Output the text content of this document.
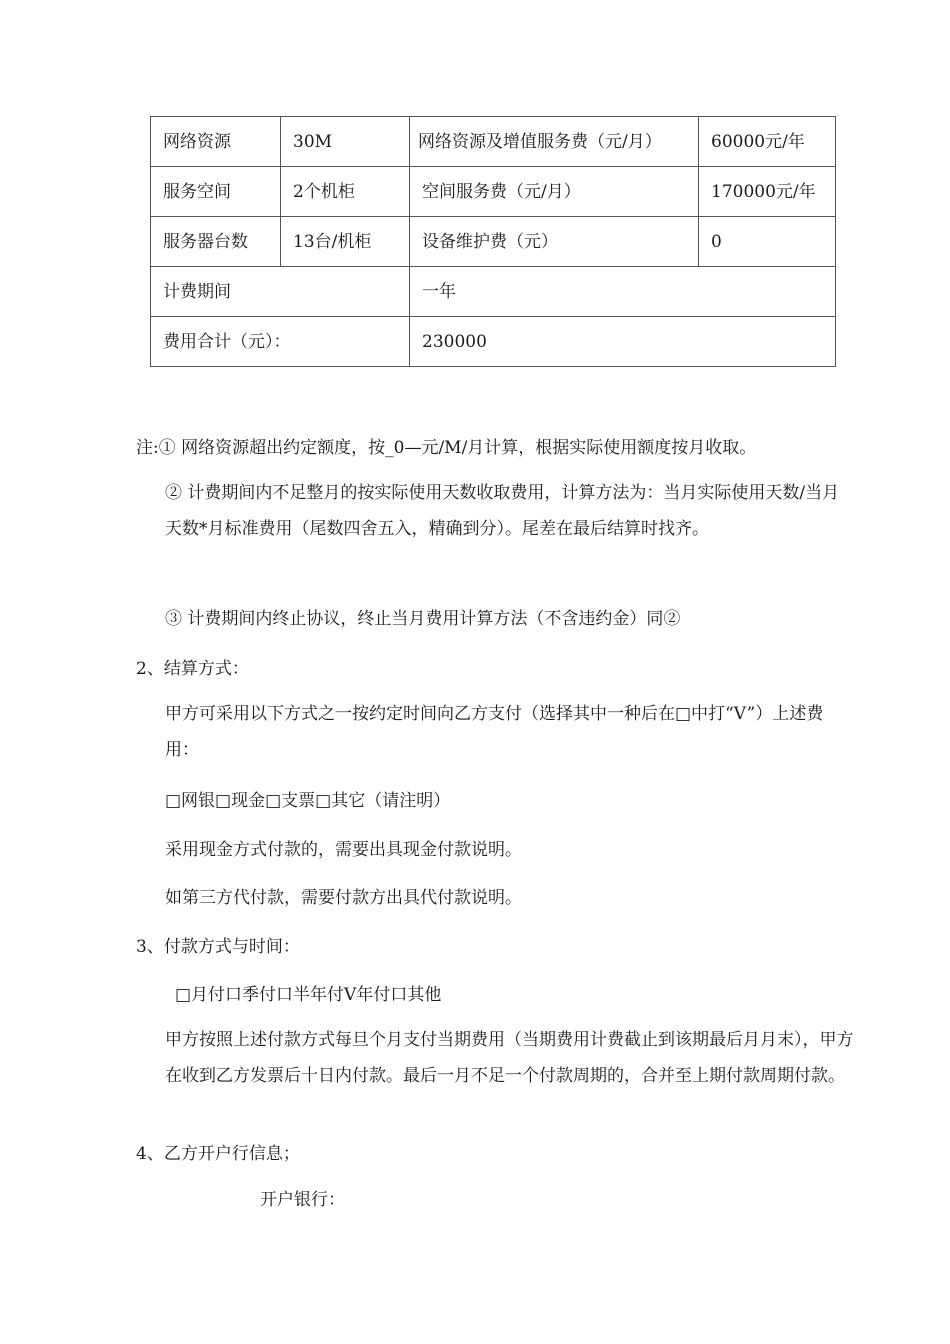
网络资源	30M	网络资源及增值服务费（元/月）	60000元/年
服务空间	2个机柜	空间服务费（元/月）	170000元/年
服务器台数	13台/机柜	设备维护费（元）	0
计费期间		一年	
费用合计（元）：		230000	

注:① 网络资源超出约定额度，按_0—元/M/月计算，根据实际使用额度按月收取。

② 计费期间内不足整月的按实际使用天数收取费用，计算方法为：当月实际使用天数/当月天数*月标准费用（尾数四舍五入，精确到分）。尾差在最后结算时找齐。

③ 计费期间内终止协议，终止当月费用计算方法（不含违约金）同②

2、结算方式：

甲方可采用以下方式之一按约定时间向乙方支付（选择其中一种后在□中打“V”）上述费用：

□网银□现金□支票□其它（请注明）

采用现金方式付款的，需要出具现金付款说明。

如第三方代付款，需要付款方出具代付款说明。

3、付款方式与时间：

□月付口季付口半年付V年付口其他

甲方按照上述付款方式每旦个月支付当期费用（当期费用计费截止到该期最后月月末），甲方在收到乙方发票后十日内付款。最后一月不足一个付款周期的，合并至上期付款周期付款。

4、乙方开户行信息；

开户银行：
